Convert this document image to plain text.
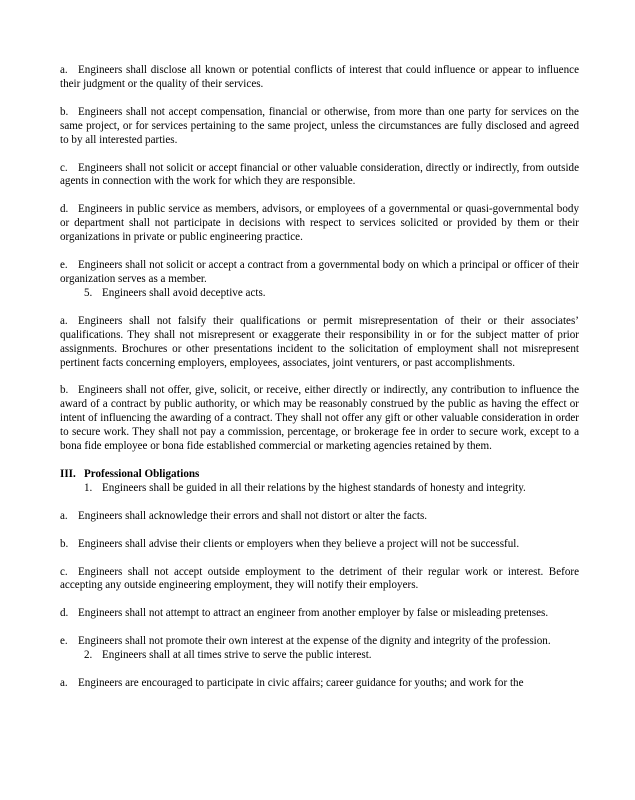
a. Engineers shall disclose all known or potential conflicts of interest that could influence or appear to influence their judgment or the quality of their services.

b. Engineers shall not accept compensation, financial or otherwise, from more than one party for services on the same project, or for services pertaining to the same project, unless the circumstances are fully disclosed and agreed to by all interested parties.

c. Engineers shall not solicit or accept financial or other valuable consideration, directly or indirectly, from outside agents in connection with the work for which they are responsible.

d. Engineers in public service as members, advisors, or employees of a governmental or quasi-governmental body or department shall not participate in decisions with respect to services solicited or provided by them or their organizations in private or public engineering practice.

e. Engineers shall not solicit or accept a contract from a governmental body on which a principal or officer of their organization serves as a member.

5. Engineers shall avoid deceptive acts.

a. Engineers shall not falsify their qualifications or permit misrepresentation of their or their associates’ qualifications. They shall not misrepresent or exaggerate their responsibility in or for the subject matter of prior assignments. Brochures or other presentations incident to the solicitation of employment shall not misrepresent pertinent facts concerning employers, employees, associates, joint venturers, or past accomplishments.

b. Engineers shall not offer, give, solicit, or receive, either directly or indirectly, any contribution to influence the award of a contract by public authority, or which may be reasonably construed by the public as having the effect or intent of influencing the awarding of a contract. They shall not offer any gift or other valuable consideration in order to secure work. They shall not pay a commission, percentage, or brokerage fee in order to secure work, except to a bona fide employee or bona fide established commercial or marketing agencies retained by them.

III. Professional Obligations

1. Engineers shall be guided in all their relations by the highest standards of honesty and integrity.

a. Engineers shall acknowledge their errors and shall not distort or alter the facts.

b. Engineers shall advise their clients or employers when they believe a project will not be successful.

c. Engineers shall not accept outside employment to the detriment of their regular work or interest. Before accepting any outside engineering employment, they will notify their employers.

d. Engineers shall not attempt to attract an engineer from another employer by false or misleading pretenses.

e. Engineers shall not promote their own interest at the expense of the dignity and integrity of the profession.

2. Engineers shall at all times strive to serve the public interest.

a. Engineers are encouraged to participate in civic affairs; career guidance for youths; and work for the
